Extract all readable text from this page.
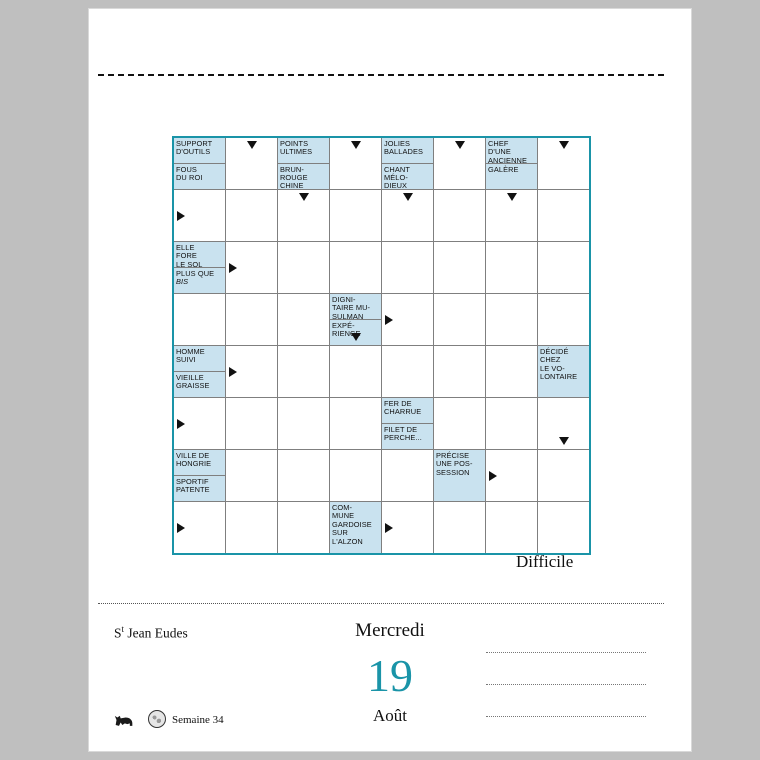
SUPPORT
D'OUTILS
FOUS
DU ROI

POINTS
ULTIMES
BRUN-
ROUGE
CHINE

JOLIES
BALLADES
CHANT
MÉLO-
DIEUX

CHEF
D'UNE
ANCIENNE

GALÈRE

ELLE
FORE
LE SOL
PLUS QUE
BIS							

			DIGNI-
TAIRE MU-
SULMAN
EXPÉ-
RIENCE				

HOMME
SUIVI
VIEILLE
GRAISSE

DÉCIDÉ
CHEZ
LE VO-
LONTAIRE

				FER DE
CHARRUE
FILET DE
PERCHE...			

VILLE DE
HONGRIE
SPORTIF
PATENTE

PRÉCISE
UNE POS-
SESSION

			COM-
MUNE
GARDOISE
SUR
L'ALZON				

Difficile
$S^t$ Jean Eudes	Mercredi
19
Août
Semaine 34
